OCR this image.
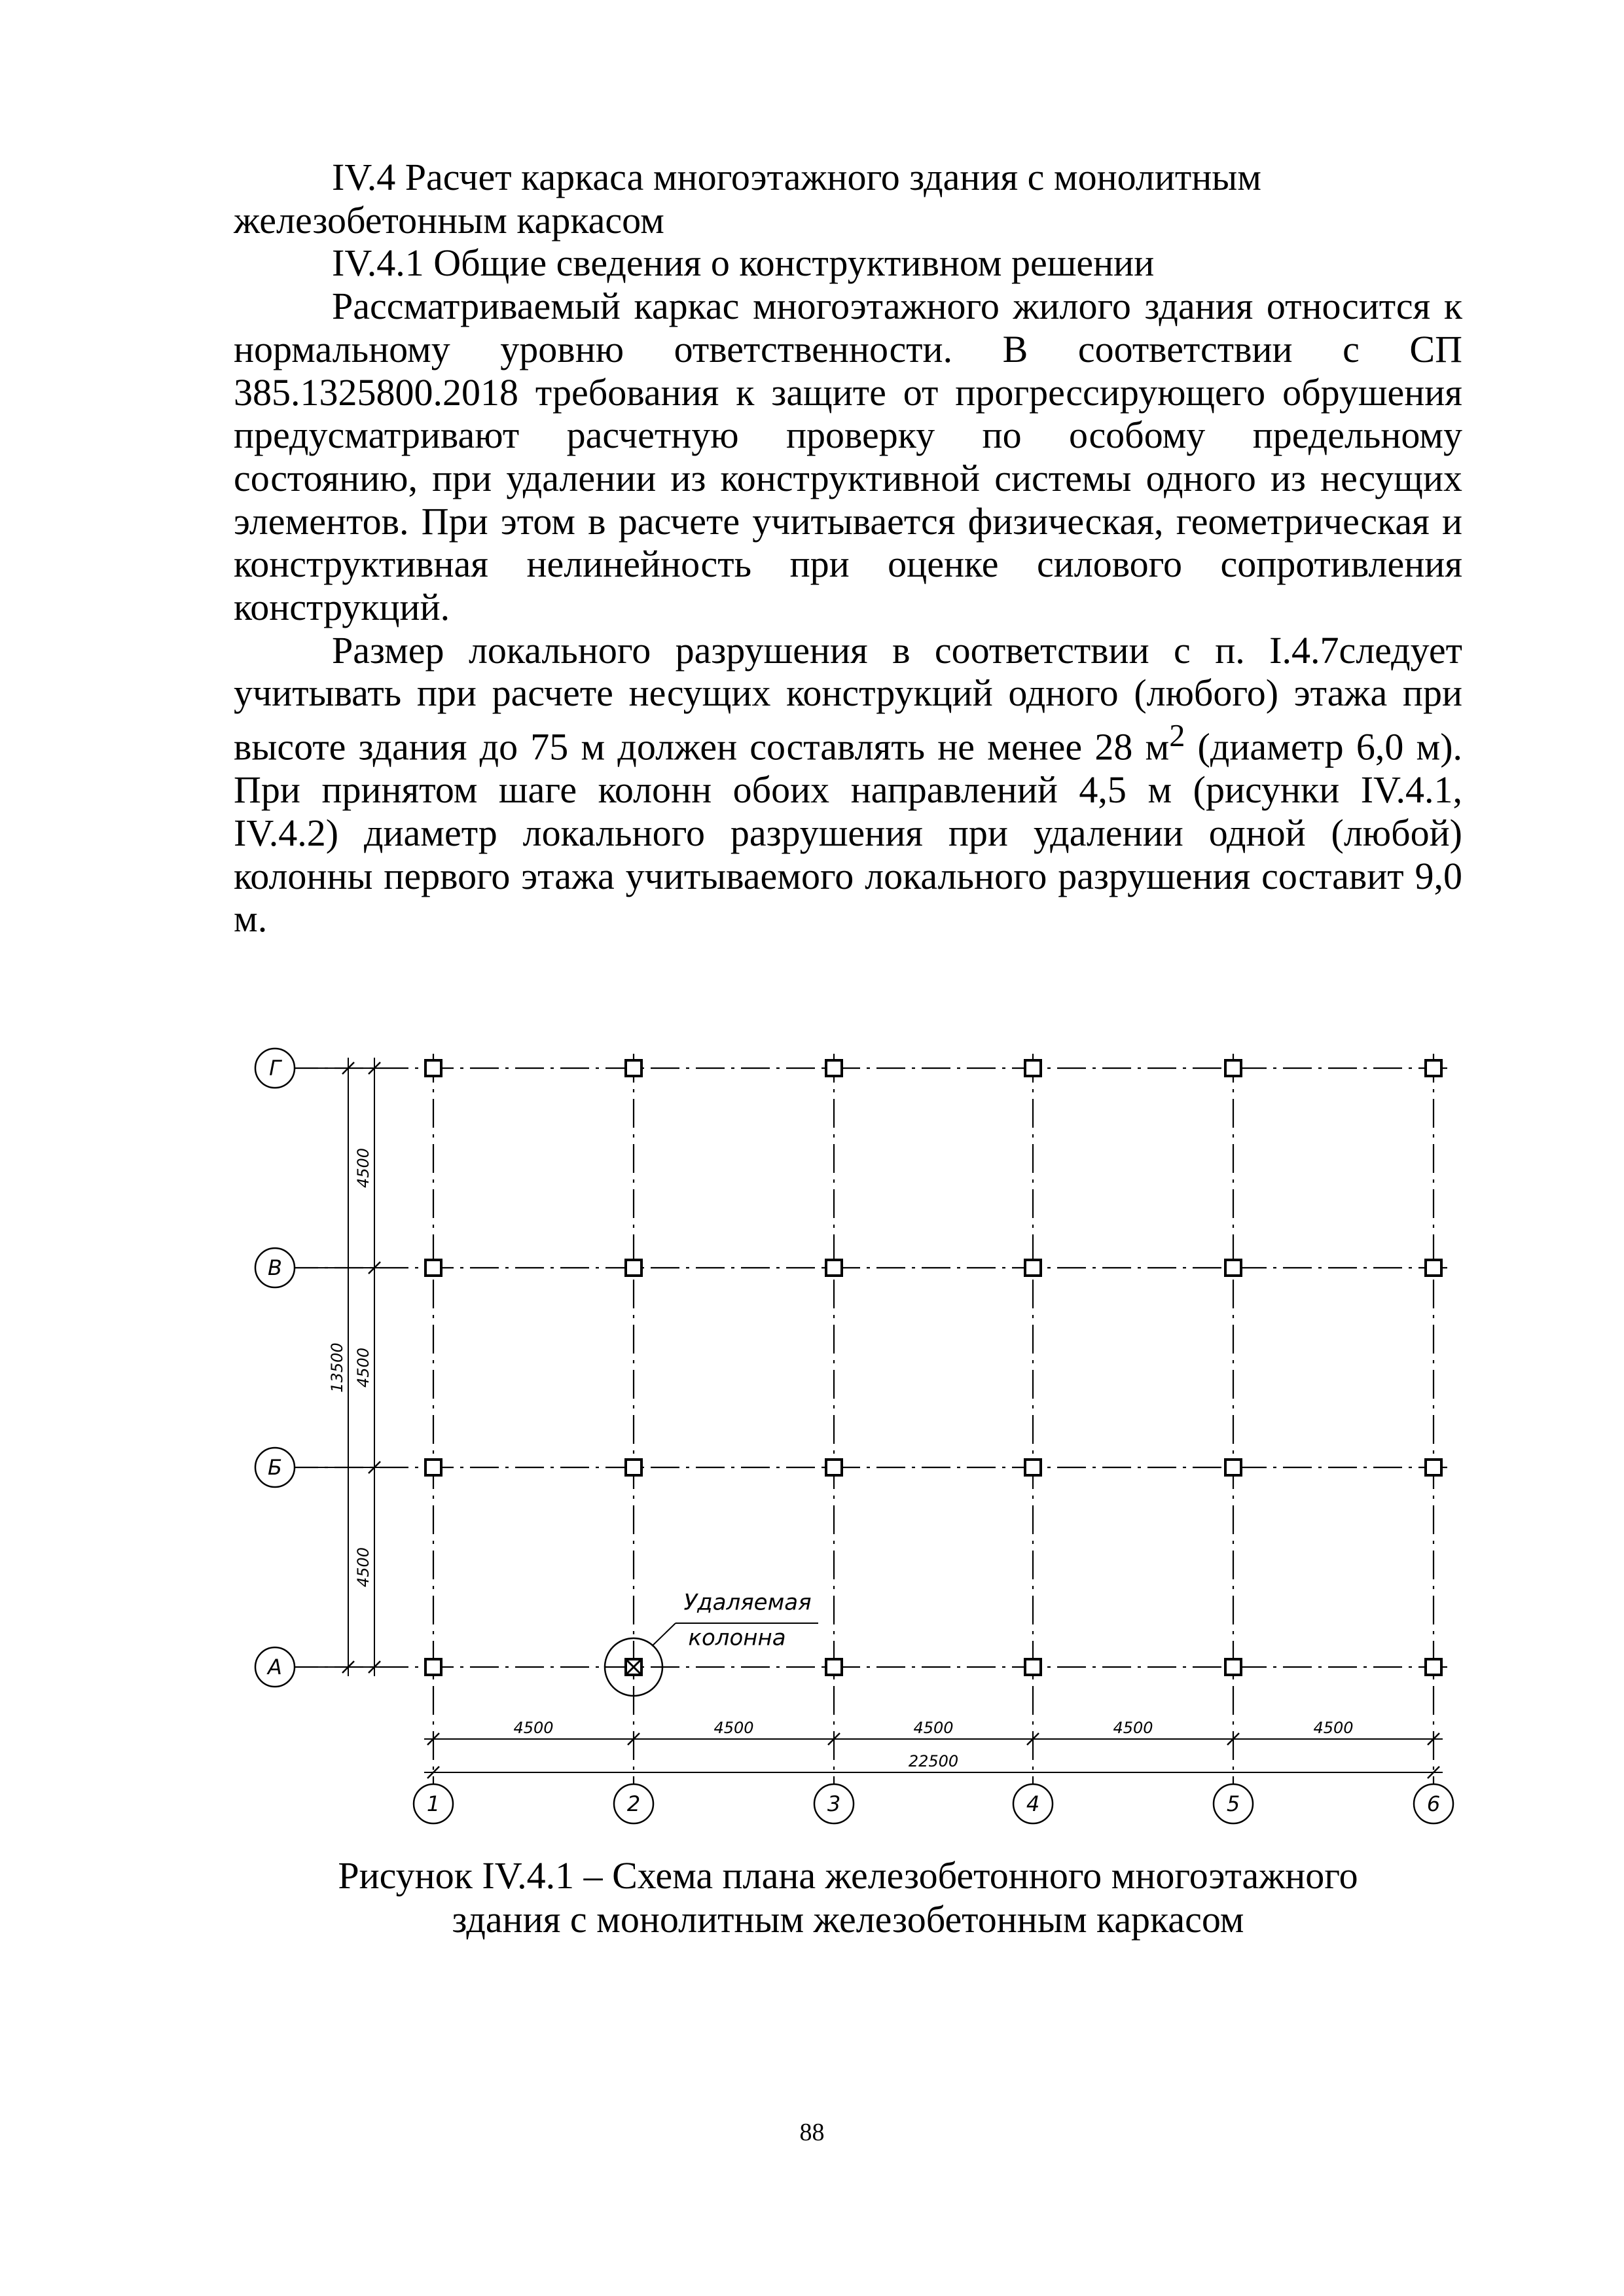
IV.4 Расчет каркаса многоэтажного здания с монолитным железобетонным каркасом

IV.4.1 Общие сведения о конструктивном решении

Рассматриваемый каркас многоэтажного жилого здания относится к нормальному уровню ответственности. В соответствии с СП 385.1325800.2018 требования к защите от прогрессирующего обрушения предусматривают расчетную проверку по особому предельному состоянию, при удалении из конструктивной системы одного из несущих элементов. При этом в расчете учитывается физическая, геометрическая и конструктивная нелинейность при оценке силового сопротивления конструкций.

Размер локального разрушения в соответствии с п. I.4.7следует учитывать при расчете несущих конструкций одного (любого) этажа при высоте здания до 75 м должен составлять не менее 28 $м^2$ (диаметр 6,0 м). При принятом шаге колонн обоих направлений 4,5 м (рисунки IV.4.1, IV.4.2) диаметр локального разрушения при удалении одной (любой) колонны первого этажа учитываемого локального разрушения составит 9,0 м.

Г
В
Б
А
1	2	3	4	5	6
Удаляемая
колонна
4500
4500
4500
13500
4500	4500	4500	4500	4500
22500
Рисунок IV.4.1 – Схема плана железобетонного многоэтажного
здания с монолитным железобетонным каркасом
88
